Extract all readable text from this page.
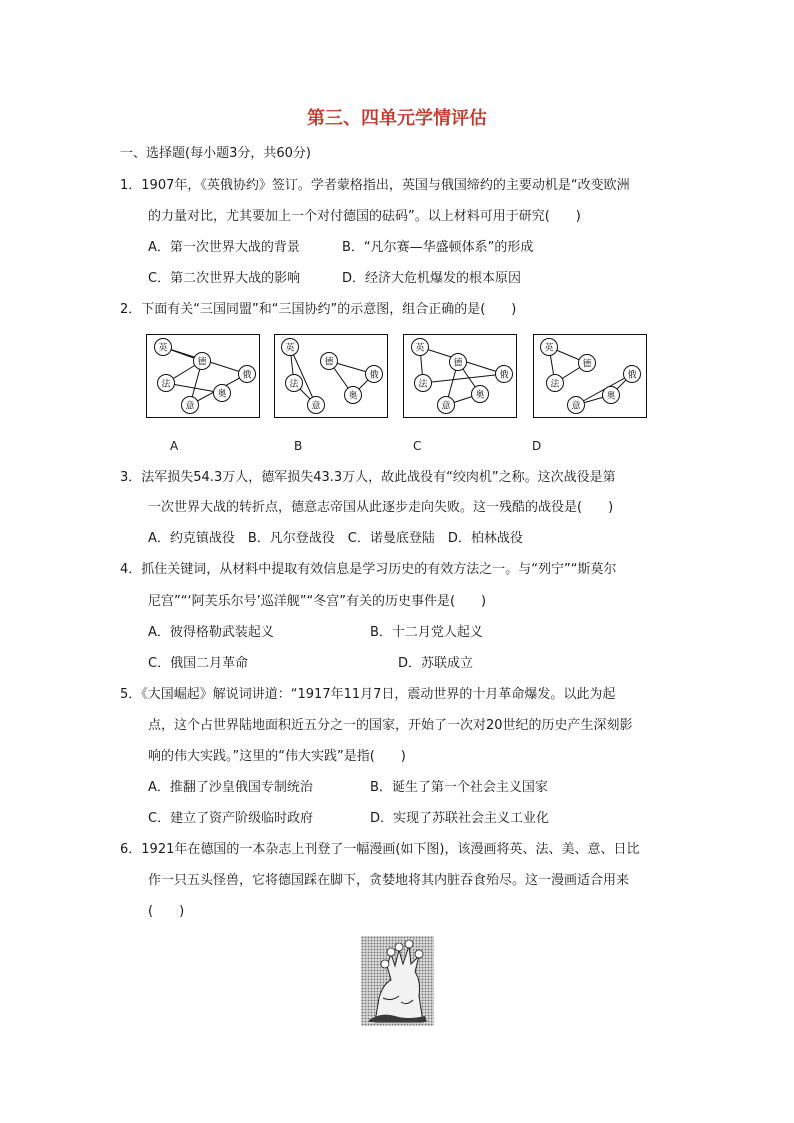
第三、四单元学情评估
一、选择题(每小题3分，共60分)
1．1907年，《英俄协约》签订。学者蒙格指出，英国与俄国缔约的主要动机是“改变欧洲
的力量对比，尤其要加上一个对付德国的砝码”。以上材料可用于研究(　　)
A．第一次世界大战的背景	B．“凡尔赛—华盛顿体系”的形成
C．第二次世界大战的影响	D．经济大危机爆发的根本原因
2．下面有关“三国同盟”和“三国协约”的示意图，组合正确的是(　　)
英
德
俄
法
奥
意
英
德
俄
法
奥
意
英
德
俄
法
奥
意
英
德
俄
法
奥
意
A	B	C	D
3．法军损失54.3万人，德军损失43.3万人，故此战役有“绞肉机”之称。这次战役是第
一次世界大战的转折点，德意志帝国从此逐步走向失败。这一残酷的战役是(　　)
A．约克镇战役　B．凡尔登战役　C．诺曼底登陆　D．柏林战役
4．抓住关键词，从材料中提取有效信息是学习历史的有效方法之一。与“列宁”“斯莫尔
尼宫”“‘阿芙乐尔号’巡洋舰”“冬宫”有关的历史事件是(　　)
A．彼得格勒武装起义	B．十二月党人起义
C．俄国二月革命	D．苏联成立
5．《大国崛起》解说词讲道：“1917年11月7日，震动世界的十月革命爆发。以此为起
点，这个占世界陆地面积近五分之一的国家，开始了一次对20世纪的历史产生深刻影
响的伟大实践。”这里的“伟大实践”是指(　　)
A．推翻了沙皇俄国专制统治	B．诞生了第一个社会主义国家
C．建立了资产阶级临时政府	D．实现了苏联社会主义工业化
6．1921年在德国的一本杂志上刊登了一幅漫画(如下图)，该漫画将英、法、美、意、日比
作一只五头怪兽，它将德国踩在脚下，贪婪地将其内脏吞食殆尽。这一漫画适合用来
(　　)
